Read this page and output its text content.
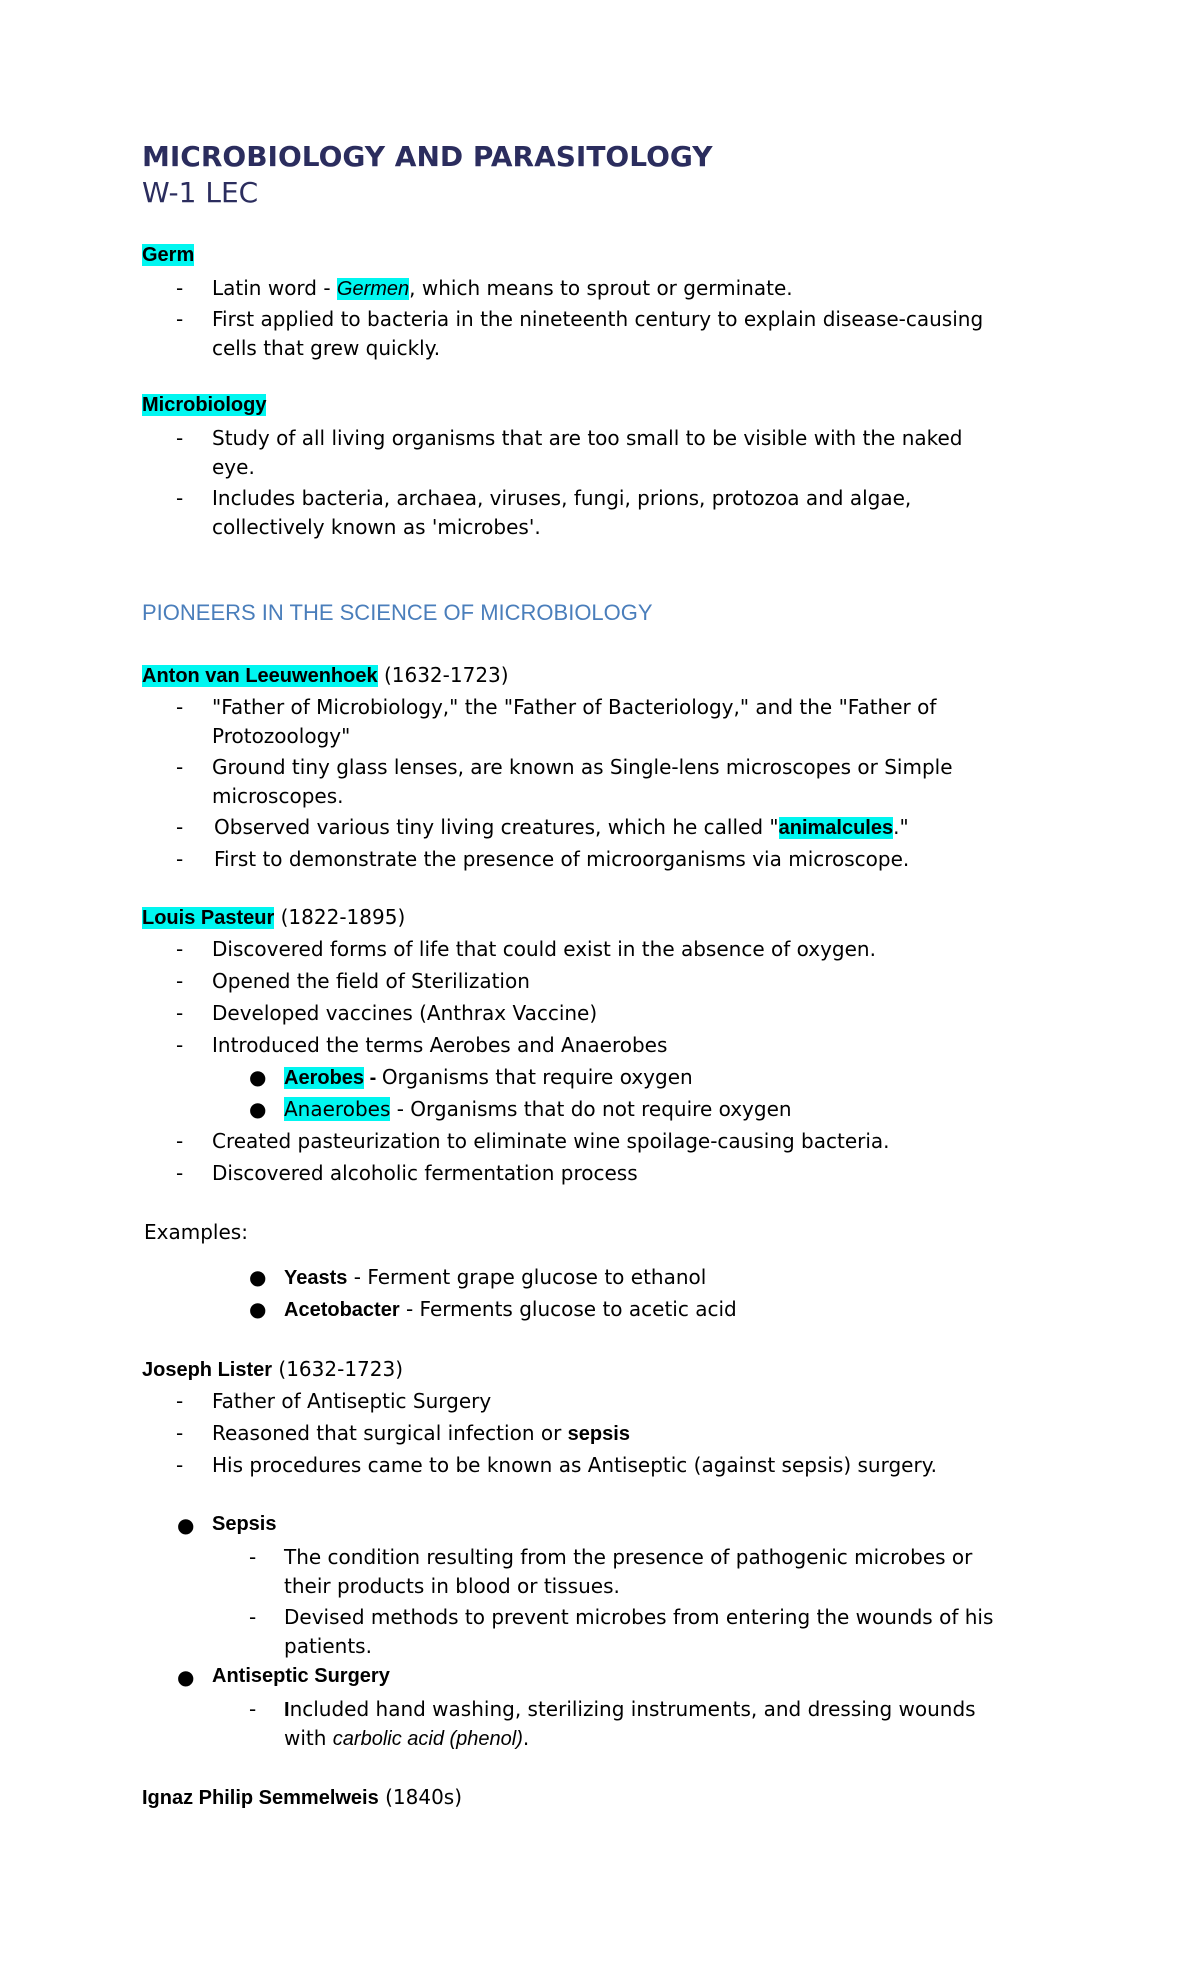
MICROBIOLOGY AND PARASITOLOGY
W-1 LEC
Germ
- Latin word - Germen, which means to sprout or germinate.
- First applied to bacteria in the nineteenth century to explain disease-causing
cells that grew quickly.
Microbiology
- Study of all living organisms that are too small to be visible with the naked
eye.
- Includes bacteria, archaea, viruses, fungi, prions, protozoa and algae,
collectively known as 'microbes'.
PIONEERS IN THE SCIENCE OF MICROBIOLOGY
Anton van Leeuwenhoek (1632-1723)
- "Father of Microbiology," the "Father of Bacteriology," and the "Father of
Protozoology"
- Ground tiny glass lenses, are known as Single-lens microscopes or Simple
microscopes.
- Observed various tiny living creatures, which he called "animalcules."
- First to demonstrate the presence of microorganisms via microscope.
Louis Pasteur (1822-1895)
- Discovered forms of life that could exist in the absence of oxygen.
- Opened the field of Sterilization
- Developed vaccines (Anthrax Vaccine)
- Introduced the terms Aerobes and Anaerobes
● Aerobes - Organisms that require oxygen
● Anaerobes - Organisms that do not require oxygen
- Created pasteurization to eliminate wine spoilage-causing bacteria.
- Discovered alcoholic fermentation process
Examples:
● Yeasts - Ferment grape glucose to ethanol
● Acetobacter - Ferments glucose to acetic acid
Joseph Lister (1632-1723)
- Father of Antiseptic Surgery
- Reasoned that surgical infection or sepsis
- His procedures came to be known as Antiseptic (against sepsis) surgery.
● Sepsis
- The condition resulting from the presence of pathogenic microbes or
their products in blood or tissues.
- Devised methods to prevent microbes from entering the wounds of his
patients.
● Antiseptic Surgery
- Included hand washing, sterilizing instruments, and dressing wounds
with carbolic acid (phenol).
Ignaz Philip Semmelweis (1840s)
